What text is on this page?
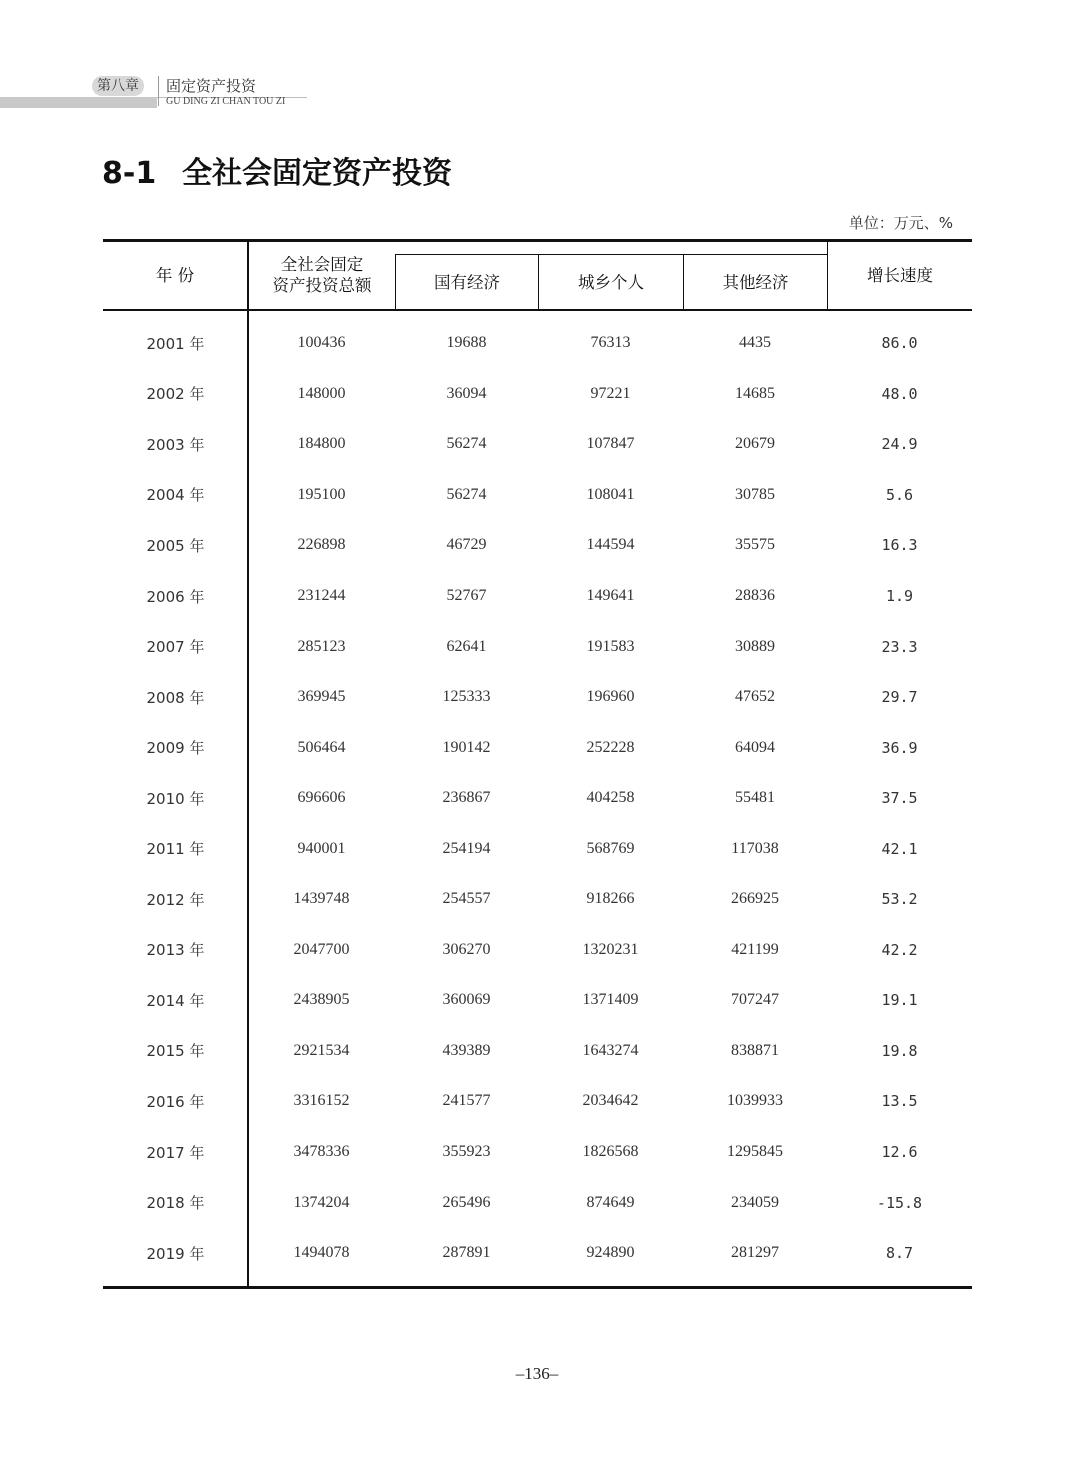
第八章	固定资产投资
GU DING ZI CHAN TOU ZI
8-1 全社会固定资产投资
单位：万元、%
年 份
全社会固定
资产投资总额	国有经济	城乡个人	其他经济	增长速度
2001 年	100436	19688	76313	4435	86.0
2002 年	148000	36094	97221	14685	48.0
2003 年	184800	56274	107847	20679	24.9
2004 年	195100	56274	108041	30785	5.6
2005 年	226898	46729	144594	35575	16.3
2006 年	231244	52767	149641	28836	1.9
2007 年	285123	62641	191583	30889	23.3
2008 年	369945	125333	196960	47652	29.7
2009 年	506464	190142	252228	64094	36.9
2010 年	696606	236867	404258	55481	37.5
2011 年	940001	254194	568769	117038	42.1
2012 年	1439748	254557	918266	266925	53.2
2013 年	2047700	306270	1320231	421199	42.2
2014 年	2438905	360069	1371409	707247	19.1
2015 年	2921534	439389	1643274	838871	19.8
2016 年	3316152	241577	2034642	1039933	13.5
2017 年	3478336	355923	1826568	1295845	12.6
2018 年	1374204	265496	874649	234059	-15.8
2019 年	1494078	287891	924890	281297	8.7
–136–
